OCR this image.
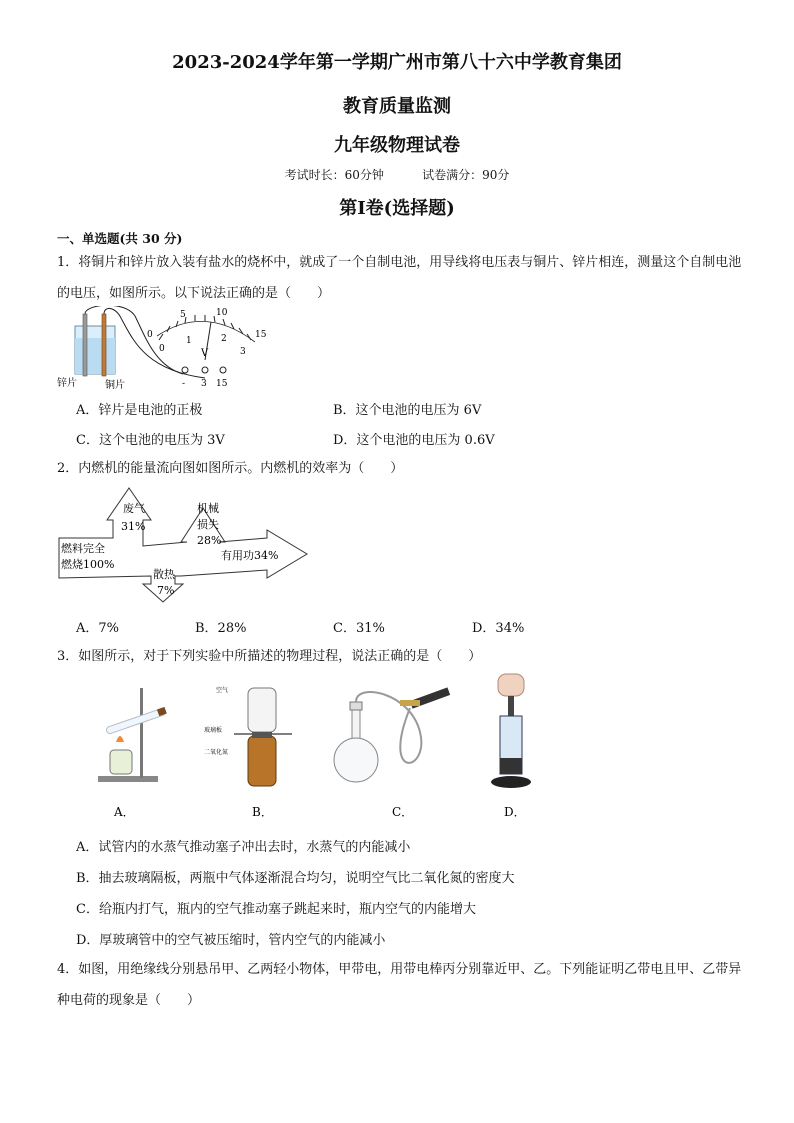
2023-2024学年第一学期广州市第八十六中学教育集团
教育质量监测
九年级物理试卷
考试时长：60分钟          试卷满分：90分
第Ⅰ卷(选择题)
一、单选题(共 30 分)
1．将铜片和锌片放入装有盐水的烧杯中，就成了一个自制电池，用导线将电压表与铜片、锌片相连，测量这个自制电池的电压，如图所示。以下说法正确的是（　　）
锌片	铜片
0
5	10
15
0
1	2
3
V
- 3 15
A．锌片是电池的正极	B．这个电池的电压为 6V
C．这个电池的电压为 3V	D．这个电池的电压为 0.6V
2．内燃机的能量流向图如图所示。内燃机的效率为（　　）
燃料完全
燃烧100%
废气
31%
机械
损失
28%
有用功34%
散热
7%
A．7%	B．28%	C．31%	D．34%
3．如图所示，对于下列实验中所描述的物理过程，说法正确的是（　　）
空气
玻璃板
二氧化氮
A．	B．	C．	D．
A．试管内的水蒸气推动塞子冲出去时，水蒸气的内能减小
B．抽去玻璃隔板，两瓶中气体逐渐混合均匀，说明空气比二氧化氮的密度大
C．给瓶内打气，瓶内的空气推动塞子跳起来时，瓶内空气的内能增大
D．厚玻璃管中的空气被压缩时，管内空气的内能减小
4．如图，用绝缘线分别悬吊甲、乙两轻小物体，甲带电，用带电棒丙分别靠近甲、乙。下列能证明乙带电且甲、乙带异种电荷的现象是（　　）
